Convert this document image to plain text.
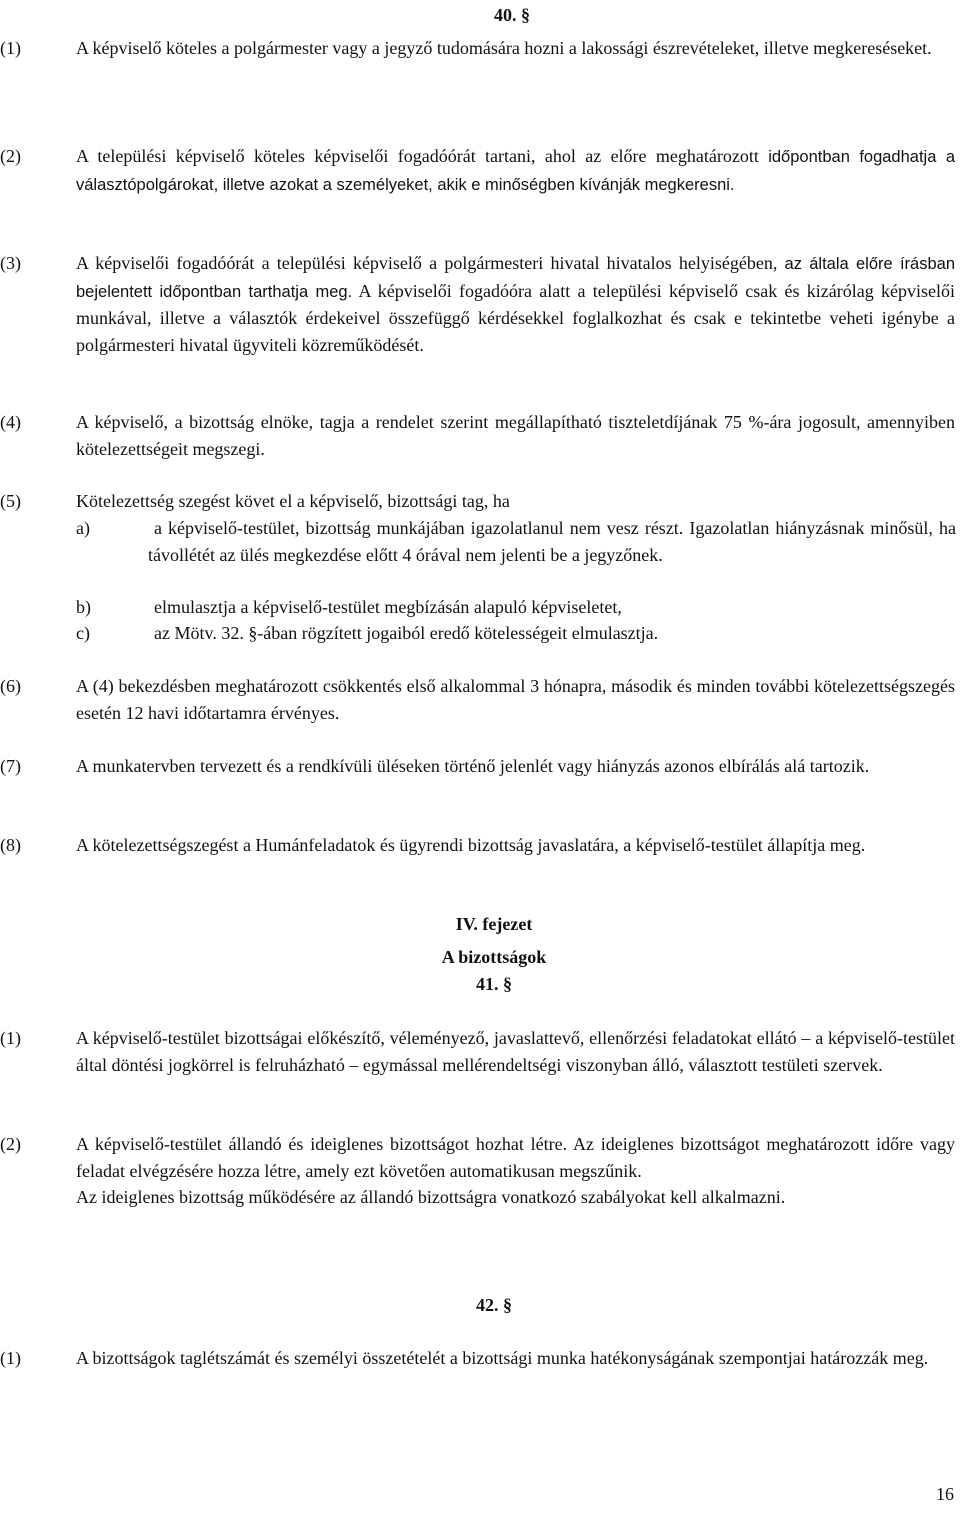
40. §
(1)	A képviselő köteles a polgármester vagy a jegyző tudomására hozni a lakossági észrevételeket, illetve megkereséseket.
(2)	A települési képviselő köteles képviselői fogadóórát tartani, ahol az előre meghatározott időpontban fogadhatja a választópolgárokat, illetve azokat a személyeket, akik e minőségben kívánják megkeresni.
(3)	A képviselői fogadóórát a települési képviselő a polgármesteri hivatal hivatalos helyiségében, az általa előre írásban bejelentett időpontban tarthatja meg. A képviselői fogadóóra alatt a települési képviselő csak és kizárólag képviselői munkával, illetve a választók érdekeivel összefüggő kérdésekkel foglalkozhat és csak e tekintetbe veheti igénybe a polgármesteri hivatal ügyviteli közreműködését.
(4)	A képviselő, a bizottság elnöke, tagja a rendelet szerint megállapítható tiszteletdíjának 75 %-ára jogosult, amennyiben kötelezettségeit megszegi.
(5)	Kötelezettség szegést követ el a képviselő, bizottsági tag, ha
a)	a képviselő-testület, bizottság munkájában igazolatlanul nem vesz részt. Igazolatlan hiányzásnak minősül, ha távollétét az ülés megkezdése előtt 4 órával nem jelenti be a jegyzőnek.
b)	elmulasztja a képviselő-testület megbízásán alapuló képviseletet,
c)	az Mötv. 32. §-ában rögzített jogaiból eredő kötelességeit elmulasztja.
(6)	A (4) bekezdésben meghatározott csökkentés első alkalommal 3 hónapra, második és minden további kötelezettségszegés esetén 12 havi időtartamra érvényes.
(7)	A munkatervben tervezett és a rendkívüli üléseken történő jelenlét vagy hiányzás azonos elbírálás alá tartozik.
(8)	A kötelezettségszegést a Humánfeladatok és ügyrendi bizottság javaslatára, a képviselő-testület állapítja meg.
IV. fejezet
A bizottságok
41. §
(1)	A képviselő-testület bizottságai előkészítő, véleményező, javaslattevő, ellenőrzési feladatokat ellátó – a képviselő-testület által döntési jogkörrel is felruházható – egymással mellérendeltségi viszonyban álló, választott testületi szervek.
(2)	A képviselő-testület állandó és ideiglenes bizottságot hozhat létre. Az ideiglenes bizottságot meghatározott időre vagy feladat elvégzésére hozza létre, amely ezt követően automatikusan megszűnik.
Az ideiglenes bizottság működésére az állandó bizottságra vonatkozó szabályokat kell alkalmazni.
42. §
(1)	A bizottságok taglétszámát és személyi összetételét a bizottsági munka hatékonyságának szempontjai határozzák meg.
16
